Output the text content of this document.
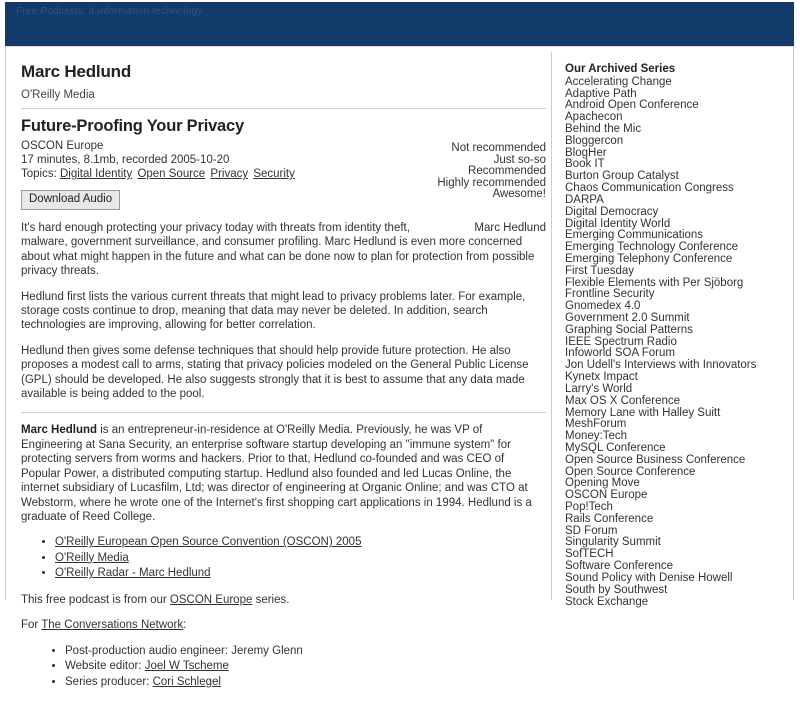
Free Podcasts: it.information technology
Marc Hedlund
O'Reilly Media
Future-Proofing Your Privacy
OSCON Europe
17 minutes, 8.1mb, recorded 2005-10-20
Topics: Digital Identity Open Source Privacy Security
Not recommended
Just so-so
Recommended
Highly recommended
Awesome!
Download Audio

Marc Hedlund
It's hard enough protecting your privacy today with threats from identity theft, malware, government surveillance, and consumer profiling. Marc Hedlund is even more concerned about what might happen in the future and what can be done now to plan for protection from possible privacy threats.

Hedlund first lists the various current threats that might lead to privacy problems later. For example, storage costs continue to drop, meaning that data may never be deleted. In addition, search technologies are improving, allowing for better correlation.

Hedlund then gives some defense techniques that should help provide future protection. He also proposes a modest call to arms, stating that privacy policies modeled on the General Public License (GPL) should be developed. He also suggests strongly that it is best to assume that any data made available is being added to the pool.

Marc Hedlund is an entrepreneur-in-residence at O'Reilly Media. Previously, he was VP of Engineering at Sana Security, an enterprise software startup developing an "immune system" for protecting servers from worms and hackers. Prior to that, Hedlund co-founded and was CEO of Popular Power, a distributed computing startup. Hedlund also founded and led Lucas Online, the internet subsidiary of Lucasfilm, Ltd; was director of engineering at Organic Online; and was CTO at Webstorm, where he wrote one of the Internet's first shopping cart applications in 1994. Hedlund is a graduate of Reed College.

• O'Reilly European Open Source Convention (OSCON) 2005
• O'Reilly Media
• O'Reilly Radar - Marc Hedlund

This free podcast is from our OSCON Europe series.

For The Conversations Network:

• Post-production audio engineer: Jeremy Glenn
• Website editor: Joel W Tscheme
• Series producer: Cori Schlegel
Our Archived Series
Accelerating Change
Adaptive Path
Android Open Conference
Apachecon
Behind the Mic
Bloggercon
BlogHer
Book IT
Burton Group Catalyst
Chaos Communication Congress
DARPA
Digital Democracy
Digital Identity World
Emerging Communications
Emerging Technology Conference
Emerging Telephony Conference
First Tuesday
Flexible Elements with Per Sjöborg
Frontline Security
Gnomedex 4.0
Government 2.0 Summit
Graphing Social Patterns
IEEE Spectrum Radio
Infoworld SOA Forum
Jon Udell's Interviews with Innovators
Kynetx Impact
Larry's World
Max OS X Conference
Memory Lane with Halley Suitt
MeshForum
Money:Tech
MySQL Conference
Open Source Business Conference
Open Source Conference
Opening Move
OSCON Europe
Pop!Tech
Rails Conference
SD Forum
Singularity Summit
SofTECH
Software Conference
Sound Policy with Denise Howell
South by Southwest
Stock Exchange
